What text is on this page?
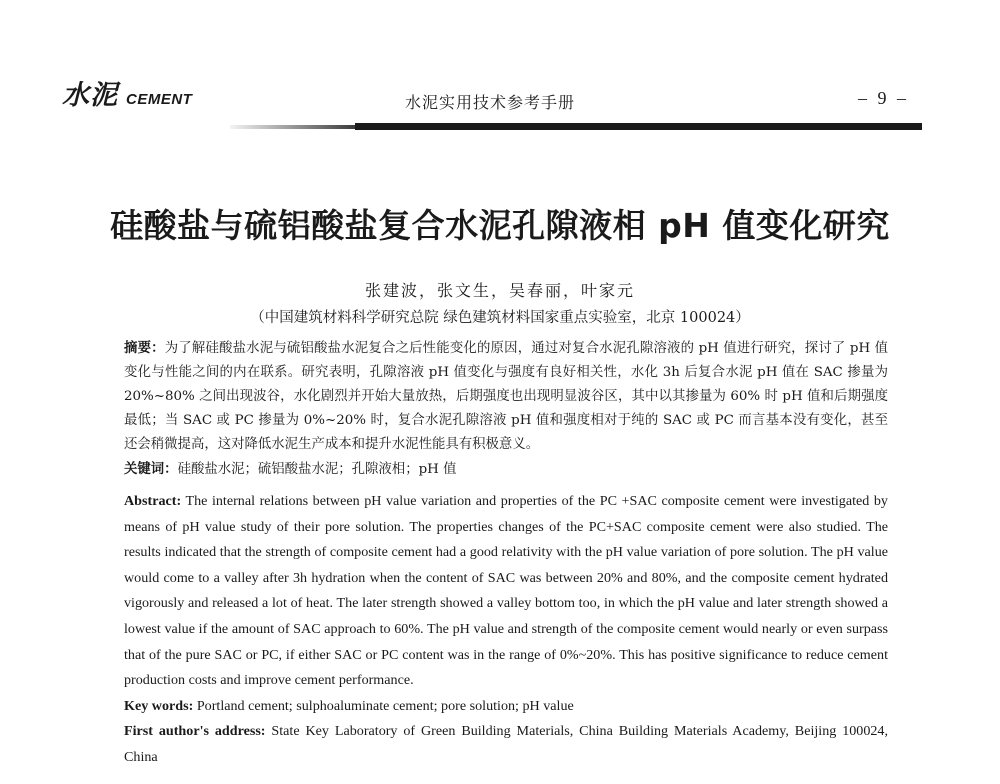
水泥 CEMENT	水泥实用技术参考手册	– 9 –
硅酸盐与硫铝酸盐复合水泥孔隙液相 pH 值变化研究
张建波，张文生，吴春丽，叶家元
（中国建筑材料科学研究总院 绿色建筑材料国家重点实验室，北京 100024）
摘要：为了解硅酸盐水泥与硫铝酸盐水泥复合之后性能变化的原因，通过对复合水泥孔隙溶液的 pH 值进行研究，探讨了 pH 值变化与性能之间的内在联系。研究表明，孔隙溶液 pH 值变化与强度有良好相关性，水化 3h 后复合水泥 pH 值在 SAC 掺量为 20%~80% 之间出现波谷，水化剧烈并开始大量放热，后期强度也出现明显波谷区，其中以其掺量为 60% 时 pH 值和后期强度最低；当 SAC 或 PC 掺量为 0%~20% 时，复合水泥孔隙溶液 pH 值和强度相对于纯的 SAC 或 PC 而言基本没有变化，甚至还会稍微提高，这对降低水泥生产成本和提升水泥性能具有积极意义。
关键词：硅酸盐水泥；硫铝酸盐水泥；孔隙液相；pH 值

Abstract: The internal relations between pH value variation and properties of the PC +SAC composite cement were investigated by means of pH value study of their pore solution. The properties changes of the PC+SAC composite cement were also studied. The results indicated that the strength of composite cement had a good relativity with the pH value variation of pore solution. The pH value would come to a valley after 3h hydration when the content of SAC was between 20% and 80%, and the composite cement hydrated vigorously and released a lot of heat. The later strength showed a valley bottom too, in which the pH value and later strength showed a lowest value if the amount of SAC approach to 60%. The pH value and strength of the composite cement would nearly or even surpass that of the pure SAC or PC, if either SAC or PC content was in the range of 0%~20%. This has positive significance to reduce cement production costs and improve cement performance.

Key words: Portland cement; sulphoaluminate cement; pore solution; pH value

First author's address: State Key Laboratory of Green Building Materials, China Building Materials Academy, Beijing 100024, China
